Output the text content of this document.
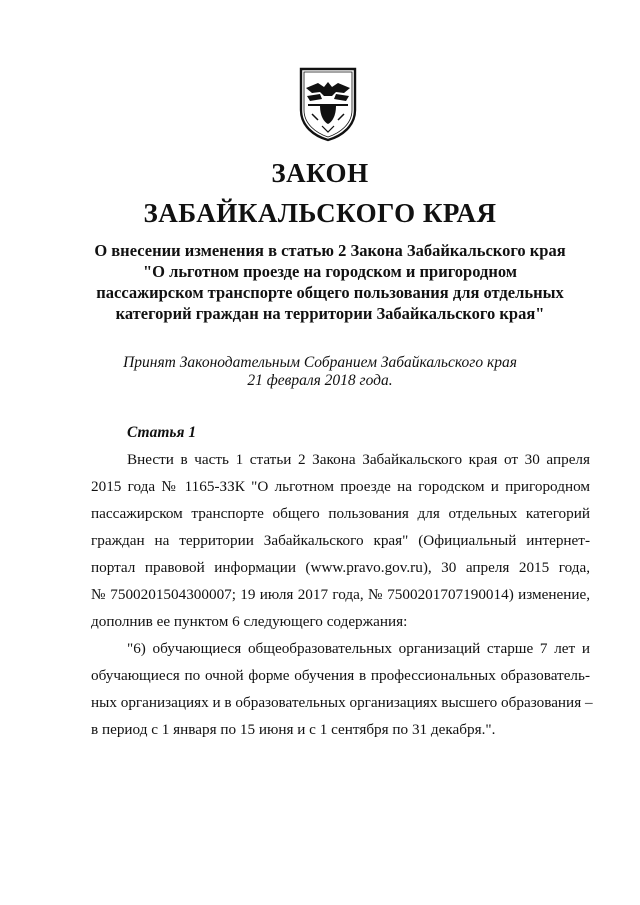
ЗАКОН
ЗАБАЙКАЛЬСКОГО КРАЯ
О внесении изменения в статью 2 Закона Забайкальского края
"О льготном проезде на городском и пригородном
пассажирском транспорте общего пользования для отдельных
категорий граждан на территории Забайкальского края"
Принят Законодательным Собранием Забайкальского края
21 февраля 2018 года.

Статья 1

Внести в часть 1 статьи 2 Закона Забайкальского края от 30 апреля
2015 года № 1165-ЗЗК "О льготном проезде на городском и пригородном
пассажирском транспорте общего пользования для отдельных категорий
граждан на территории Забайкальского края" (Официальный интернет-
портал правовой информации (www.pravo.gov.ru), 30 апреля 2015 года,
№ 7500201504300007; 19 июля 2017 года, № 7500201707190014) изменение,
дополнив ее пунктом 6 следующего содержания:
"6) обучающиеся общеобразовательных организаций старше 7 лет и
обучающиеся по очной форме обучения в профессиональных образователь-
ных организациях и в образовательных организациях высшего образования –
в период с 1 января по 15 июня и с 1 сентября по 31 декабря.".
